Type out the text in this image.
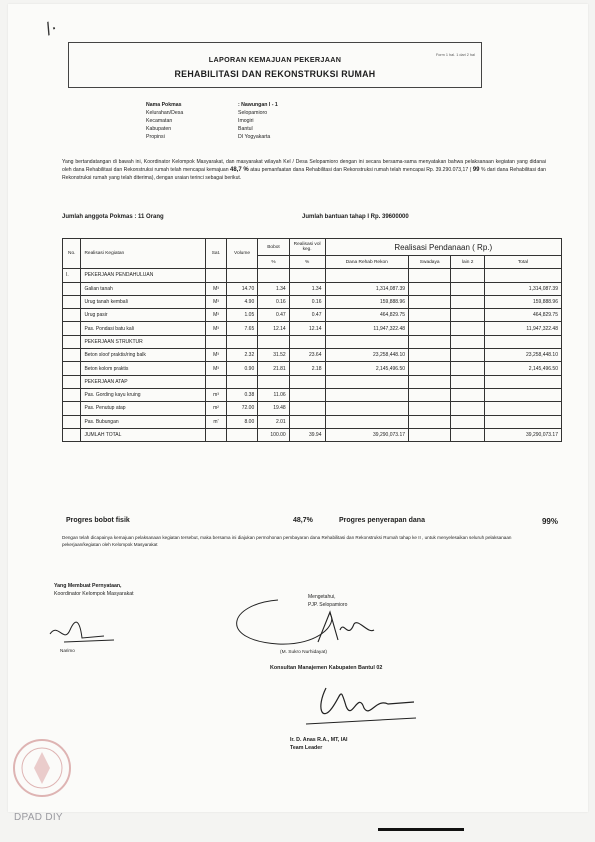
/·
Form 1 hal. 1 dari 2 hal
LAPORAN KEMAJUAN PEKERJAAN
REHABILITASI DAN REKONSTRUKSI RUMAH
Nama Pokmas	: Nawungan I - 1
Kelurahan/Desa	Selopamioro
Kecamatan	Imogiri
Kabupaten	Bantul
Propinsi	DI Yogyakarta
Yang bertandatangan di bawah ini, Koordinator Kelompok Masyarakat, dan masyarakat wilayah Kel / Desa Selopamioro dengan ini secara bersama-sama menyatakan bahwa pelaksanaan kegiatan yang didanai oleh dana Rehabilitasi dan Rekonstruksi rumah telah mencapai kemajuan 48,7 % atau pemanfaatan dana Rehabilitasi dan Rekonstruksi rumah telah mencapai Rp. 39.290.073,17 ( 99 % dari dana Rehabilitasi dan Rekonstruksi rumah yang telah diterima), dengan uraian terinci sebagai berikut.
Jumlah anggota Pokmas : 11 Orang	Jumlah bantuan tahap I Rp. 39600000
No.	Realisasi Kegiatan	Sat.	Volume	Bobot	Realisasi vol keg.	Realisasi Pendanaan ( Rp.)			
				%	%	Dana Rehab Rekon	Swadaya	lain 2	Total
I.	PEKERJAAN PENDAHULUAN								
	Galian tanah	M³	14.70	1.34	1.34	1,314,087.39			1,314,087.39
	Urug tanah kembali	M³	4.90	0.16	0.16	159,888.96			159,888.96
	Urug pasir	M³	1.05	0.47	0.47	464,829.75			464,829.75
	Pas. Pondasi batu kali	M³	7.65	12.14	12.14	11,947,322.48			11,947,322.48
	PEKERJAAN STRUKTUR								
	Beton sloof praktis/ring balk	M³	2.32	31.52	23.64	23,258,448.10			23,258,448.10
	Beton kolom praktis	M³	0.90	21.81	2.18	2,145,496.50			2,145,496.50
	PEKERJAAN ATAP								
	Pas. Gording kayu kruing	m³	0.38	11.06					
	Pas. Penutup atap	m²	72.00	19.48					
	Pas. Bubungan	m'	8.00	2.01					
	JUMLAH TOTAL			100.00	39.94	39,290,073.17			39,290,073.17
Progres bobot fisik	48,7%	Progres penyerapan dana	99%
Dengan telah dicapainya kemajuan pelaksanaan kegiatan tersebut, maka bersama ini diajukan permohonan pembayaran dana Rehabilitasi dan Rekonstruksi Rumah tahap ke II , untuk menyelesaikan seluruh pelaksanaan pekerjaan/kegiatan oleh Kelompok Masyarakat
Yang Membuat Pernyataan,
Koordinator Kelompok Masyarakat
Narimo
Mengetahui,
PJP. Selopamioro
(M. Sukro Nurhidayat)
Konsultan Manajemen Kabupaten Bantul 02
Ir. D. Anas R.A., MT, IAI
Team Leader
DPAD DIY
